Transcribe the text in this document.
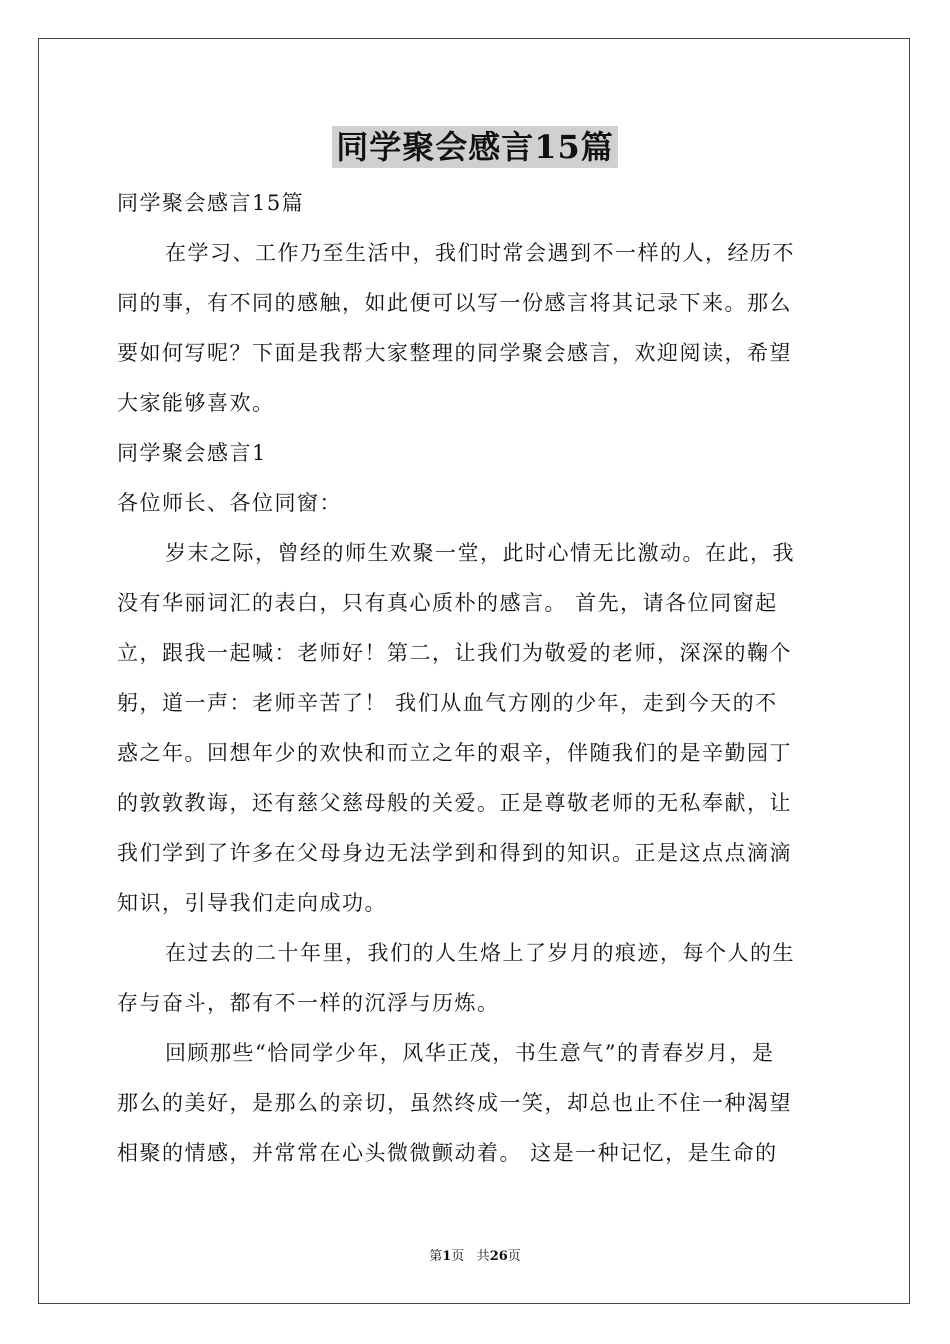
同学聚会感言15篇
同学聚会感言15篇
在学习、工作乃至生活中，我们时常会遇到不一样的人，经历不
同的事，有不同的感触，如此便可以写一份感言将其记录下来。那么
要如何写呢？下面是我帮大家整理的同学聚会感言，欢迎阅读，希望
大家能够喜欢。
同学聚会感言1
各位师长、各位同窗：
岁末之际，曾经的师生欢聚一堂，此时心情无比激动。在此，我
没有华丽词汇的表白，只有真心质朴的感言。 首先，请各位同窗起
立，跟我一起喊：老师好！第二，让我们为敬爱的老师，深深的鞠个
躬，道一声：老师辛苦了！ 我们从血气方刚的少年，走到今天的不
惑之年。回想年少的欢快和而立之年的艰辛，伴随我们的是辛勤园丁
的敦敦教诲，还有慈父慈母般的关爱。正是尊敬老师的无私奉献，让
我们学到了许多在父母身边无法学到和得到的知识。正是这点点滴滴
知识，引导我们走向成功。
在过去的二十年里，我们的人生烙上了岁月的痕迹，每个人的生
存与奋斗，都有不一样的沉浮与历炼。
回顾那些“恰同学少年，风华正茂，书生意气”的青春岁月，是
那么的美好，是那么的亲切，虽然终成一笑，却总也止不住一种渴望
相聚的情感，并常常在心头微微颤动着。 这是一种记忆，是生命的
第1页 共26页
